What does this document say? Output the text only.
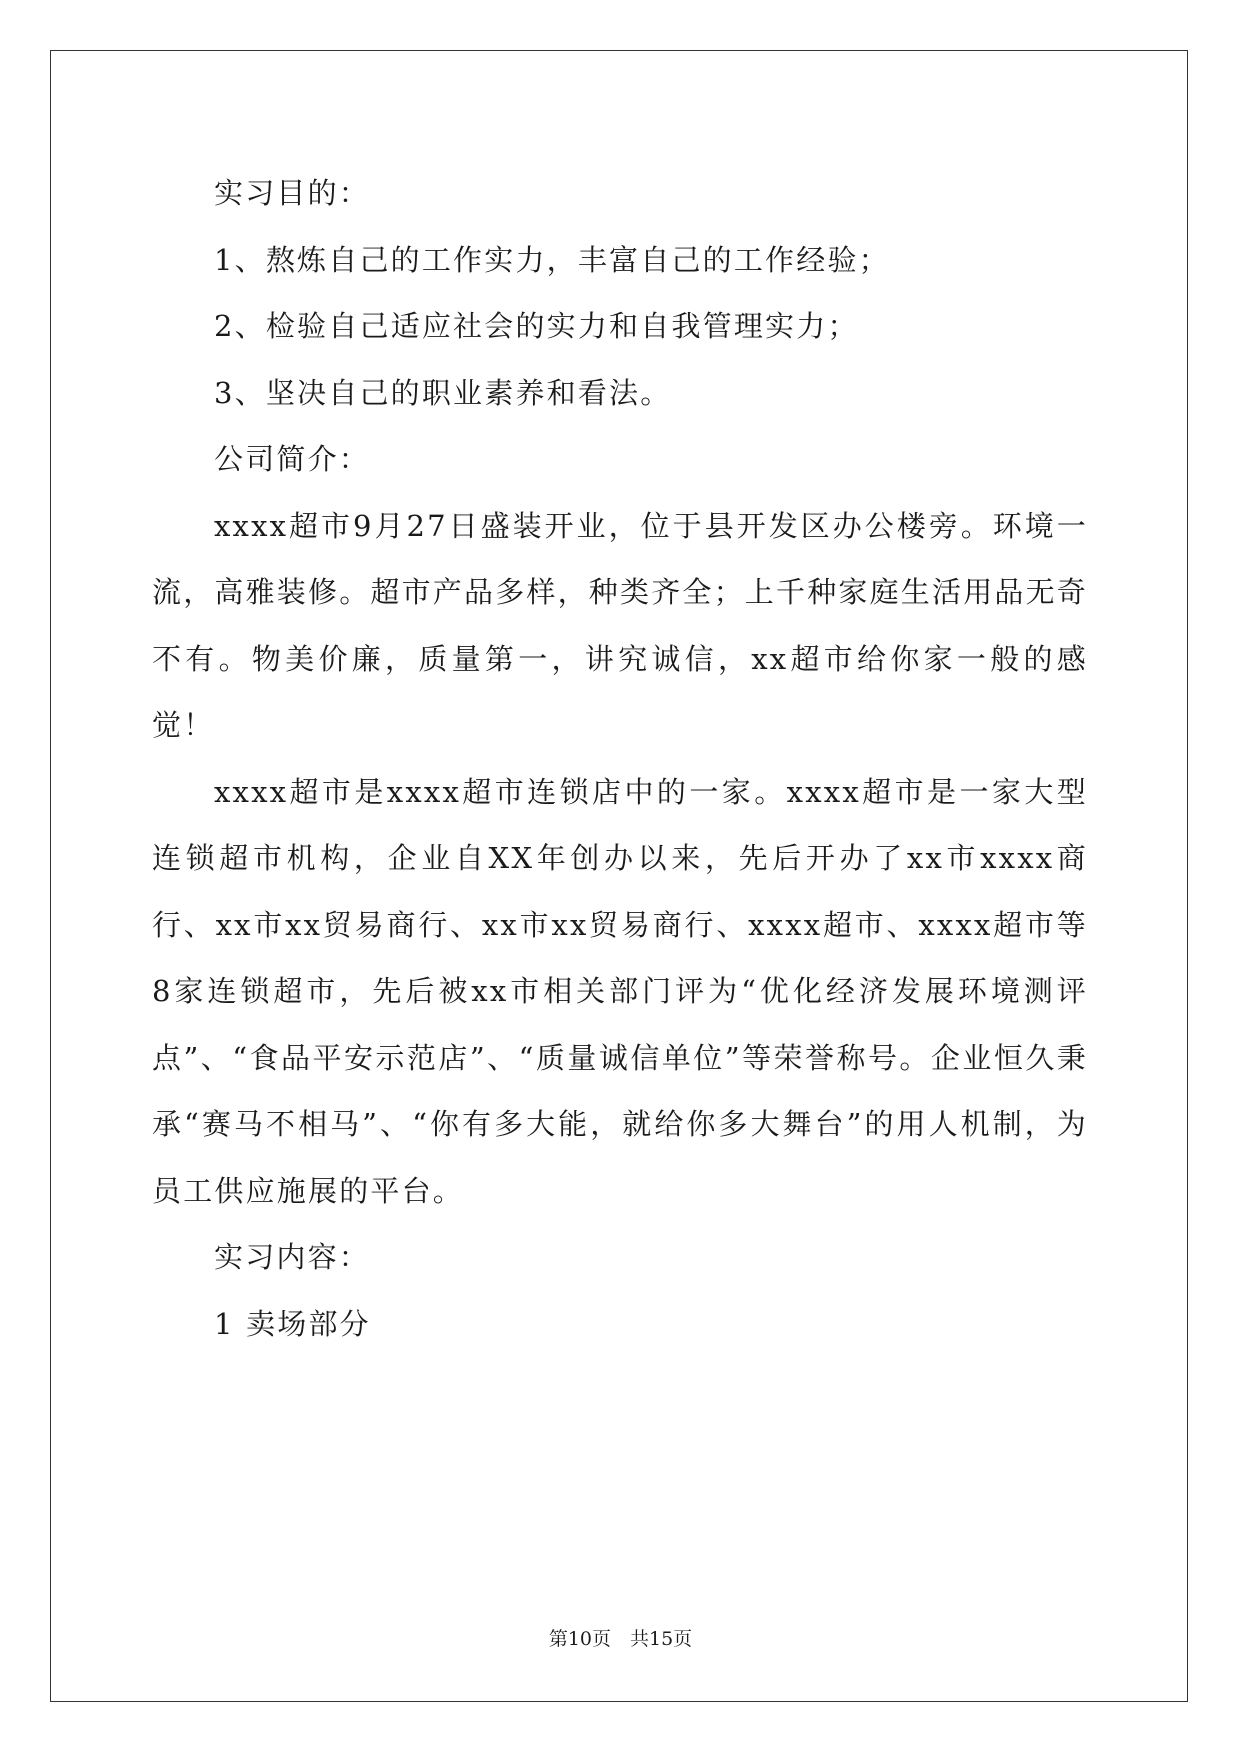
实习目的：

1、熬炼自己的工作实力，丰富自己的工作经验；

2、检验自己适应社会的实力和自我管理实力；

3、坚决自己的职业素养和看法。

公司简介：

xxxx超市9月27日盛装开业，位于县开发区办公楼旁。环境一流，高雅装修。超市产品多样，种类齐全；上千种家庭生活用品无奇不有。物美价廉，质量第一，讲究诚信，xx超市给你家一般的感觉！

xxxx超市是xxxx超市连锁店中的一家。xxxx超市是一家大型连锁超市机构，企业自XX年创办以来，先后开办了xx市xxxx商行、xx市xx贸易商行、xx市xx贸易商行、xxxx超市、xxxx超市等8家连锁超市，先后被xx市相关部门评为“优化经济发展环境测评点”、“食品平安示范店”、“质量诚信单位”等荣誉称号。企业恒久秉承“赛马不相马”、“你有多大能，就给你多大舞台”的用人机制，为员工供应施展的平台。

实习内容：

1 卖场部分

第10页　共15页
